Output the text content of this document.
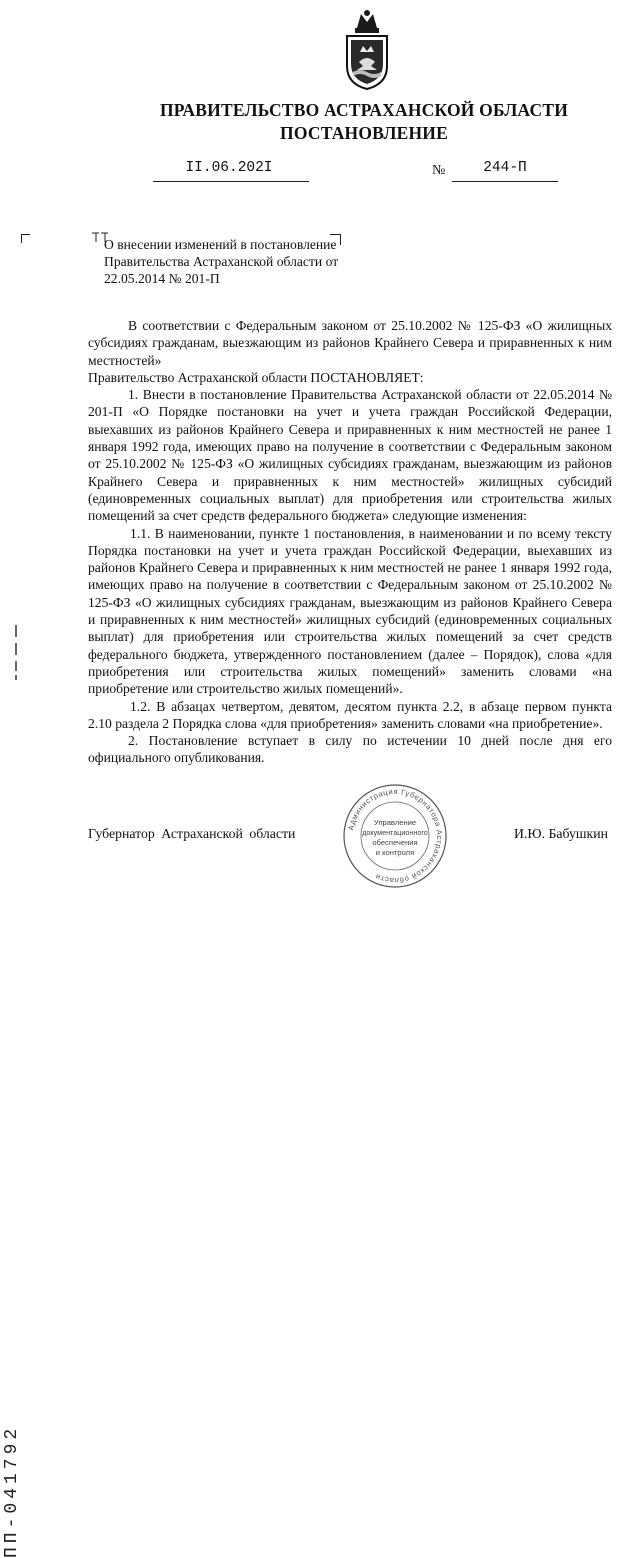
ПРАВИТЕЛЬСТВО АСТРАХАНСКОЙ ОБЛАСТИ
ПОСТАНОВЛЕНИЕ
II.06.202I	№	244-П
О внесении изменений в постановление Правительства Астраханской области от 22.05.2014 № 201-П

В соответствии с Федеральным законом от 25.10.2002 № 125-ФЗ «О жилищных субсидиях гражданам, выезжающим из районов Крайнего Севера и приравненных к ним местностей»

Правительство Астраханской области ПОСТАНОВЛЯЕТ:

1. Внести в постановление Правительства Астраханской области от 22.05.2014 № 201-П «О Порядке постановки на учет и учета граждан Российской Федерации, выехавших из районов Крайнего Севера и приравненных к ним местностей не ранее 1 января 1992 года, имеющих право на получение в соответствии с Федеральным законом от 25.10.2002 № 125-ФЗ «О жилищных субсидиях гражданам, выезжающим из районов Крайнего Севера и приравненных к ним местностей» жилищных субсидий (единовременных социальных выплат) для приобретения или строительства жилых помещений за счет средств федерального бюджета» следующие изменения:

1.1. В наименовании, пункте 1 постановления, в наименовании и по всему тексту Порядка постановки на учет и учета граждан Российской Федерации, выехавших из районов Крайнего Севера и приравненных к ним местностей не ранее 1 января 1992 года, имеющих право на получение в соответствии с Федеральным законом от 25.10.2002 № 125-ФЗ «О жилищных субсидиях гражданам, выезжающим из районов Крайнего Севера и приравненных к ним местностей» жилищных субсидий (единовременных социальных выплат) для приобретения или строительства жилых помещений за счет средств федерального бюджета, утвержденного постановлением (далее – Порядок), слова «для приобретения или строительства жилых помещений» заменить словами «на приобретение или строительство жилых помещений».

1.2. В абзацах четвертом, девятом, десятом пункта 2.2, в абзаце первом пункта 2.10 раздела 2 Порядка слова «для приобретения» заменить словами «на приобретение».

2. Постановление вступает в силу по истечении 10 дней после дня его официального опубликования.

Губернатор Астраханской области	И.Ю. Бабушкин
Администрация Губернатора Астраханской области
Управление
документационного
обеспечения
и контроля
ПП-041792
